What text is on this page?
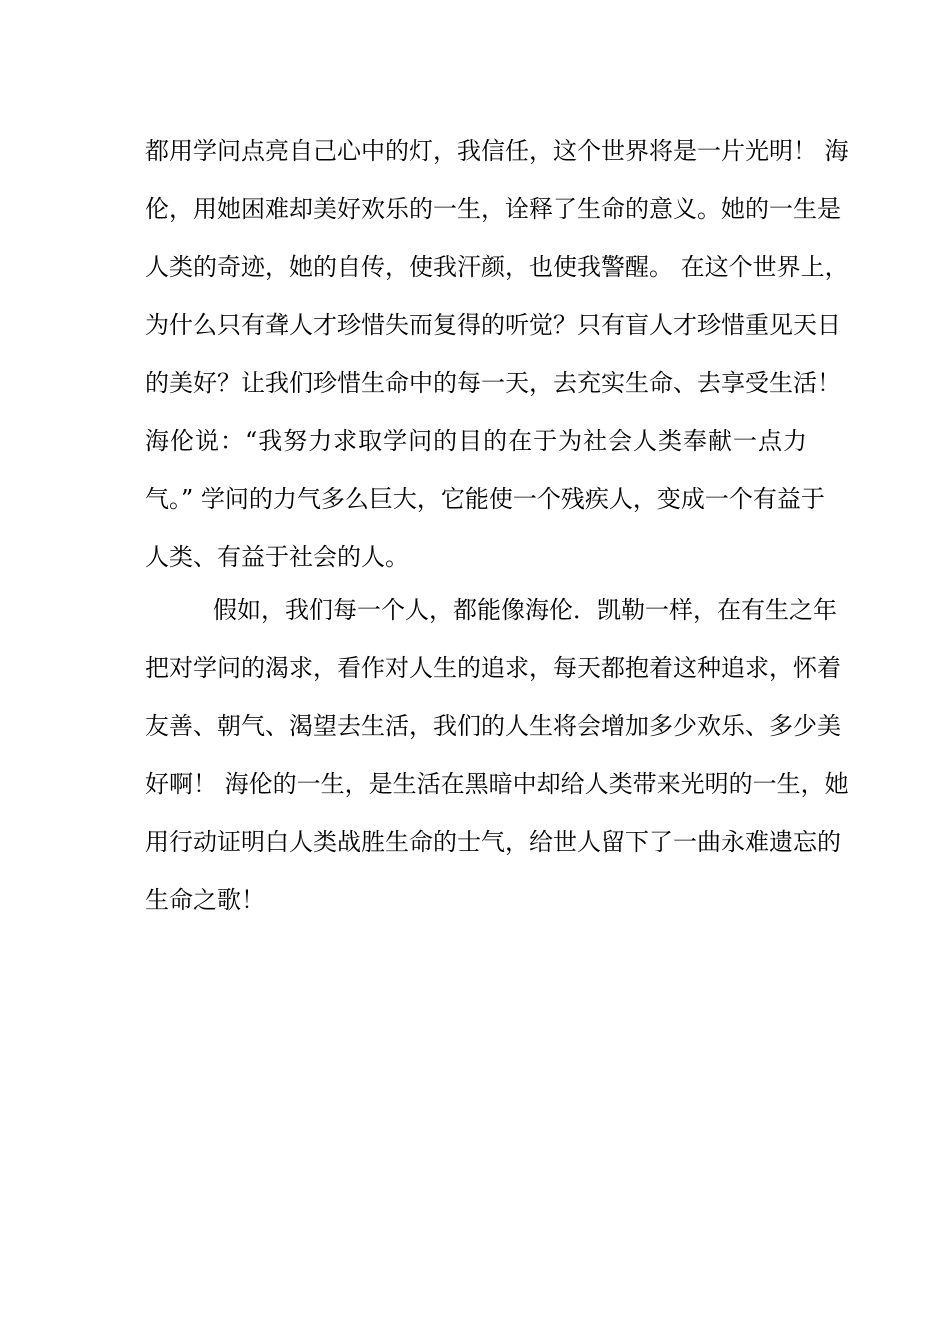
都用学问点亮自己心中的灯，我信任，这个世界将是一片光明！ 海
伦，用她困难却美好欢乐的一生，诠释了生命的意义。她的一生是
人类的奇迹，她的自传，使我汗颜，也使我警醒。 在这个世界上，
为什么只有聋人才珍惜失而复得的听觉？只有盲人才珍惜重见天日
的美好？让我们珍惜生命中的每一天，去充实生命、去享受生活！
海伦说：“我努力求取学问的目的在于为社会人类奉献一点力
气。” 学问的力气多么巨大，它能使一个残疾人，变成一个有益于
人类、有益于社会的人。
假如，我们每一个人，都能像海伦．凯勒一样，在有生之年
把对学问的渴求，看作对人生的追求，每天都抱着这种追求，怀着
友善、朝气、渴望去生活，我们的人生将会增加多少欢乐、多少美
好啊！ 海伦的一生，是生活在黑暗中却给人类带来光明的一生，她
用行动证明白人类战胜生命的士气，给世人留下了一曲永难遗忘的
生命之歌！
